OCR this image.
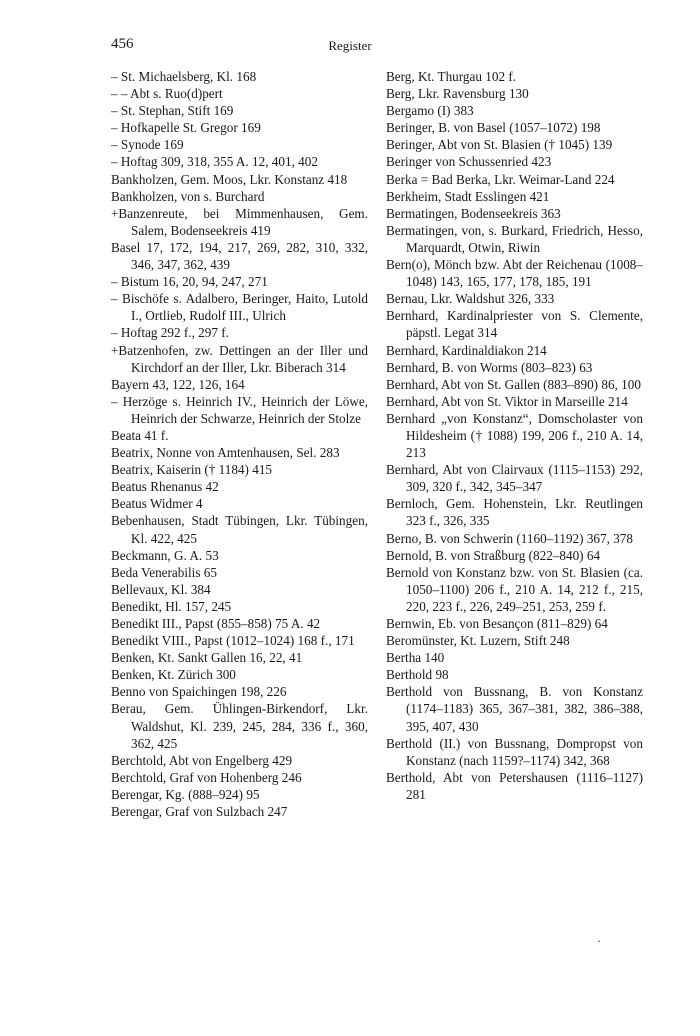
456	Register

– St. Michaelsberg, Kl. 168

– – Abt s. Ruo(d)pert

– St. Stephan, Stift 169

– Hofkapelle St. Gregor 169

– Synode 169

– Hoftag 309, 318, 355 A. 12, 401, 402

Bankholzen, Gem. Moos, Lkr. Konstanz 418

Bankholzen, von s. Burchard

+Banzenreute, bei Mimmenhausen, Gem. Salem, Bodenseekreis 419

Basel 17, 172, 194, 217, 269, 282, 310, 332, 346, 347, 362, 439

– Bistum 16, 20, 94, 247, 271

– Bischöfe s. Adalbero, Beringer, Haito, Lutold I., Ortlieb, Rudolf III., Ulrich

– Hoftag 292 f., 297 f.

+Batzenhofen, zw. Dettingen an der Iller und Kirchdorf an der Iller, Lkr. Biberach 314

Bayern 43, 122, 126, 164

– Herzöge s. Heinrich IV., Heinrich der Löwe, Heinrich der Schwarze, Heinrich der Stolze

Beata 41 f.

Beatrix, Nonne von Amtenhausen, Sel. 283

Beatrix, Kaiserin († 1184) 415

Beatus Rhenanus 42

Beatus Widmer 4

Bebenhausen, Stadt Tübingen, Lkr. Tübingen, Kl. 422, 425

Beckmann, G. A. 53

Beda Venerabilis 65

Bellevaux, Kl. 384

Benedikt, Hl. 157, 245

Benedikt III., Papst (855–858) 75 A. 42

Benedikt VIII., Papst (1012–1024) 168 f., 171

Benken, Kt. Sankt Gallen 16, 22, 41

Benken, Kt. Zürich 300

Benno von Spaichingen 198, 226

Berau, Gem. Ühlingen-Birkendorf, Lkr. Waldshut, Kl. 239, 245, 284, 336 f., 360, 362, 425

Berchtold, Abt von Engelberg 429

Berchtold, Graf von Hohenberg 246

Berengar, Kg. (888–924) 95

Berengar, Graf von Sulzbach 247

Berg, Kt. Thurgau 102 f.

Berg, Lkr. Ravensburg 130

Bergamo (I) 383

Beringer, B. von Basel (1057–1072) 198

Beringer, Abt von St. Blasien († 1045) 139

Beringer von Schussenried 423

Berka = Bad Berka, Lkr. Weimar-Land 224

Berkheim, Stadt Esslingen 421

Bermatingen, Bodenseekreis 363

Bermatingen, von, s. Burkard, Friedrich, Hesso, Marquardt, Otwin, Riwin

Bern(o), Mönch bzw. Abt der Reichenau (1008–1048) 143, 165, 177, 178, 185, 191

Bernau, Lkr. Waldshut 326, 333

Bernhard, Kardinalpriester von S. Clemente, päpstl. Legat 314

Bernhard, Kardinaldiakon 214

Bernhard, B. von Worms (803–823) 63

Bernhard, Abt von St. Gallen (883–890) 86, 100

Bernhard, Abt von St. Viktor in Marseille 214

Bernhard „von Konstanz“, Domscholaster von Hildesheim († 1088) 199, 206 f., 210 A. 14, 213

Bernhard, Abt von Clairvaux (1115–1153) 292, 309, 320 f., 342, 345–347

Bernloch, Gem. Hohenstein, Lkr. Reutlingen 323 f., 326, 335

Berno, B. von Schwerin (1160–1192) 367, 378

Bernold, B. von Straßburg (822–840) 64

Bernold von Konstanz bzw. von St. Blasien (ca. 1050–1100) 206 f., 210 A. 14, 212 f., 215, 220, 223 f., 226, 249–251, 253, 259 f.

Bernwin, Eb. von Besançon (811–829) 64

Beromünster, Kt. Luzern, Stift 248

Bertha 140

Berthold 98

Berthold von Bussnang, B. von Konstanz (1174–1183) 365, 367–381, 382, 386–388, 395, 407, 430

Berthold (II.) von Bussnang, Dompropst von Konstanz (nach 1159?–1174) 342, 368

Berthold, Abt von Petershausen (1116–1127) 281

·
